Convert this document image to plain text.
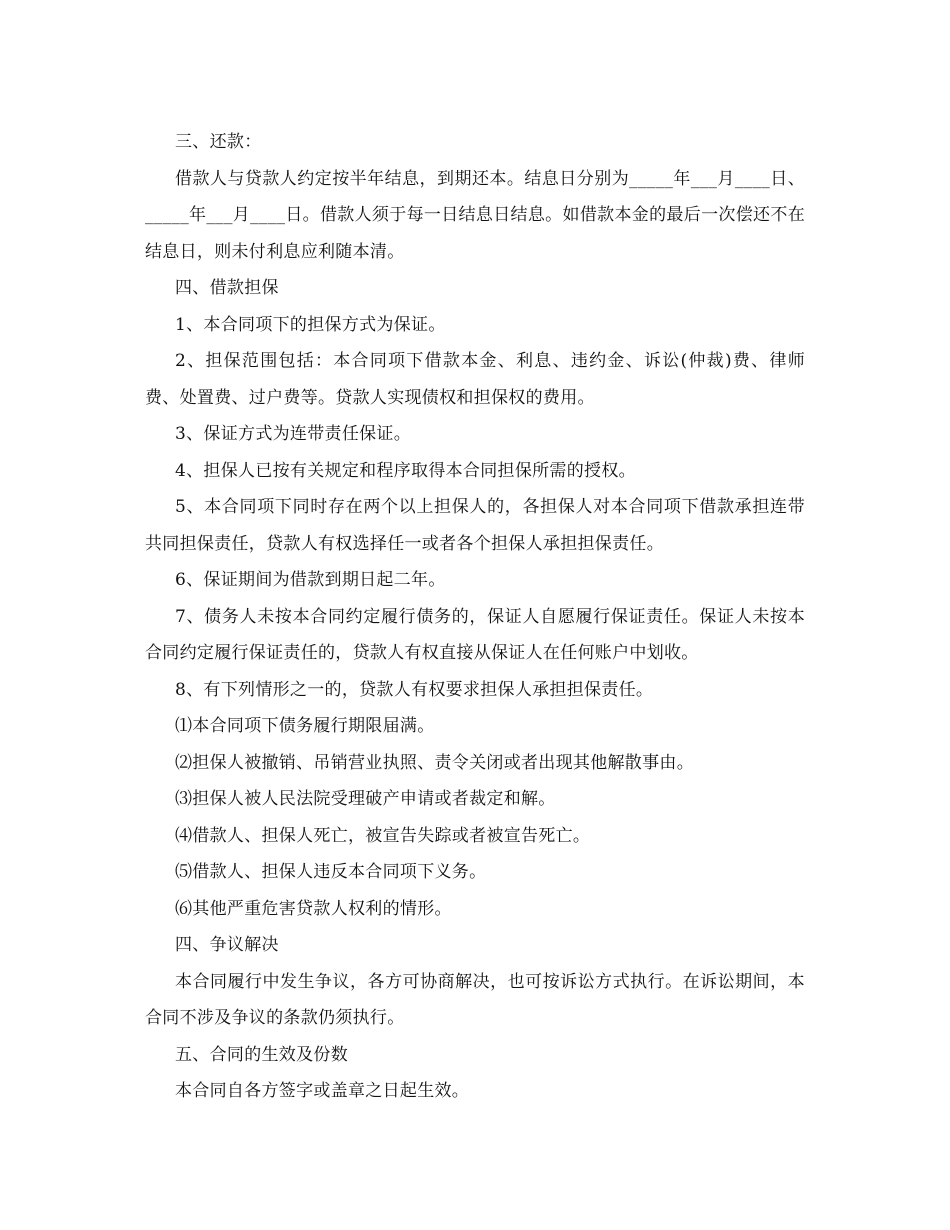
三、还款：

借款人与贷款人约定按半年结息，到期还本。结息日分别为_____年___月____日、_____年___月____日。借款人须于每一日结息日结息。如借款本金的最后一次偿还不在结息日，则未付利息应利随本清。

四、借款担保

1、本合同项下的担保方式为保证。

2、担保范围包括：本合同项下借款本金、利息、违约金、诉讼(仲裁)费、律师费、处置费、过户费等。贷款人实现债权和担保权的费用。

3、保证方式为连带责任保证。

4、担保人已按有关规定和程序取得本合同担保所需的授权。

5、本合同项下同时存在两个以上担保人的，各担保人对本合同项下借款承担连带共同担保责任，贷款人有权选择任一或者各个担保人承担担保责任。

6、保证期间为借款到期日起二年。

7、债务人未按本合同约定履行债务的，保证人自愿履行保证责任。保证人未按本合同约定履行保证责任的，贷款人有权直接从保证人在任何账户中划收。

8、有下列情形之一的，贷款人有权要求担保人承担担保责任。

⑴本合同项下债务履行期限届满。

⑵担保人被撤销、吊销营业执照、责令关闭或者出现其他解散事由。

⑶担保人被人民法院受理破产申请或者裁定和解。

⑷借款人、担保人死亡，被宣告失踪或者被宣告死亡。

⑸借款人、担保人违反本合同项下义务。

⑹其他严重危害贷款人权利的情形。

四、争议解决

本合同履行中发生争议，各方可协商解决，也可按诉讼方式执行。在诉讼期间，本合同不涉及争议的条款仍须执行。

五、合同的生效及份数

本合同自各方签字或盖章之日起生效。
